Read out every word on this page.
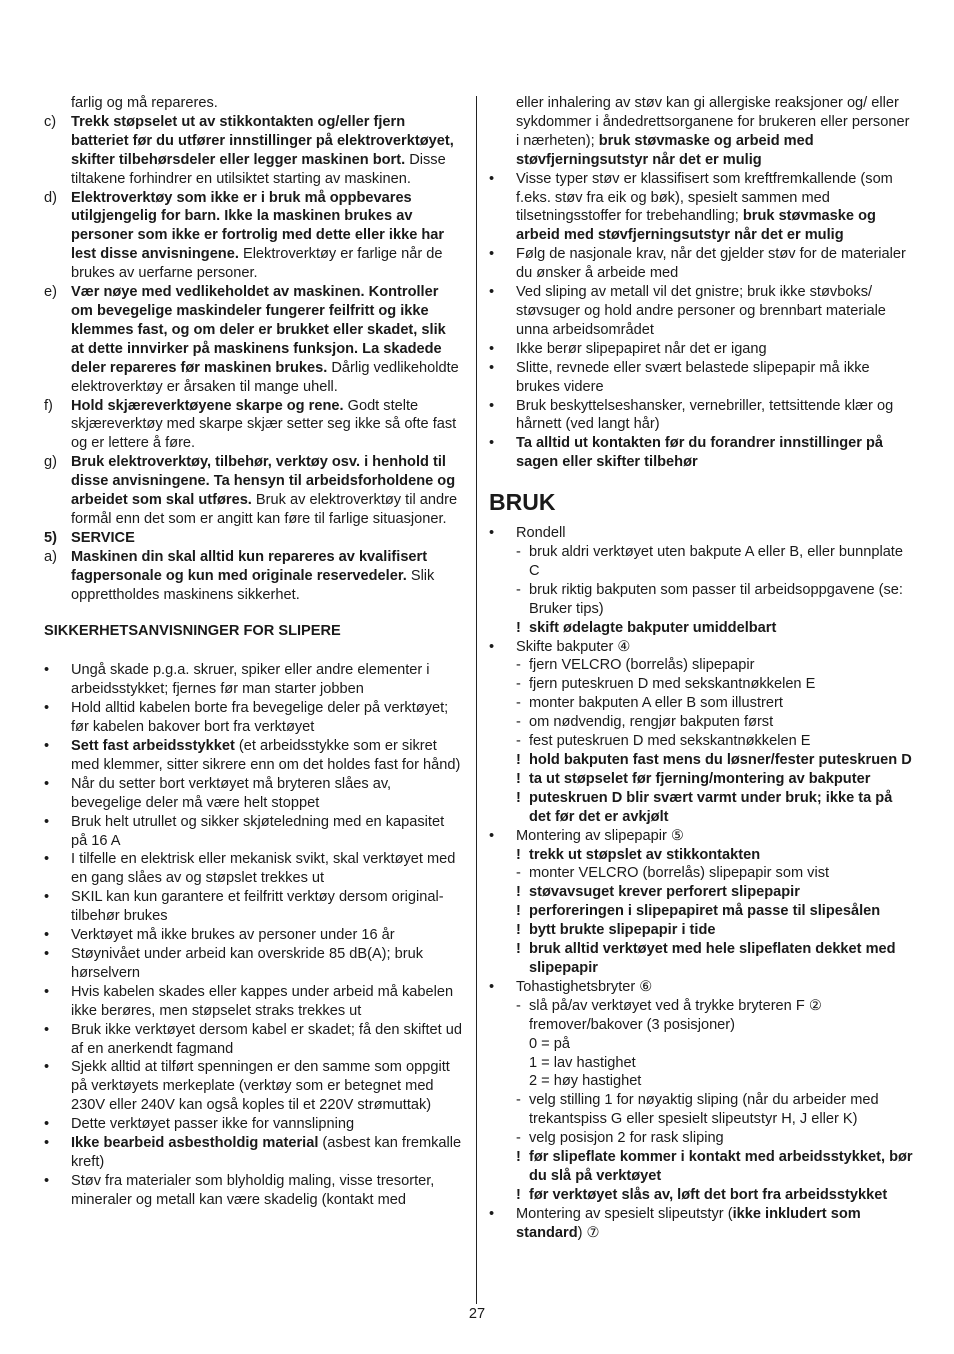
farlig og må repareres.
c) Trekk støpselet ut av stikkontakten og/eller fjern batteriet før du utfører innstillinger på elektroverktøyet, skifter tilbehørsdeler eller legger maskinen bort. Disse tiltakene forhindrer en utilsiktet starting av maskinen.
d) Elektroverktøy som ikke er i bruk må oppbevares utilgjengelig for barn. Ikke la maskinen brukes av personer som ikke er fortrolig med dette eller ikke har lest disse anvisningene. Elektroverktøy er farlige når de brukes av uerfarne personer.
e) Vær nøye med vedlikeholdet av maskinen. Kontroller om bevegelige maskindeler fungerer feilfritt og ikke klemmes fast, og om deler er brukket eller skadet, slik at dette innvirker på maskinens funksjon. La skadede deler repareres før maskinen brukes. Dårlig vedlikeholdte elektroverktøy er årsaken til mange uhell.
f) Hold skjæreverktøyene skarpe og rene. Godt stelte skjæreverktøy med skarpe skjær setter seg ikke så ofte fast og er lettere å føre.
g) Bruk elektroverktøy, tilbehør, verktøy osv. i henhold til disse anvisningene. Ta hensyn til arbeidsforholdene og arbeidet som skal utføres. Bruk av elektroverktøy til andre formål enn det som er angitt kan føre til farlige situasjoner.
5) SERVICE
a) Maskinen din skal alltid kun repareres av kvalifisert fagpersonale og kun med originale reservedeler. Slik opprettholdes maskinens sikkerhet.
SIKKERHETSANVISNINGER FOR SLIPERE
• Ungå skade p.g.a. skruer, spiker eller andre elementer i arbeidsstykket; fjernes før man starter jobben
• Hold alltid kabelen borte fra bevegelige deler på verktøyet; før kabelen bakover bort fra verktøyet
• Sett fast arbeidsstykket (et arbeidsstykke som er sikret med klemmer, sitter sikrere enn om det holdes fast for hånd)
• Når du setter bort verktøyet må bryteren slåes av, bevegelige deler må være helt stoppet
• Bruk helt utrullet og sikker skjøteledning med en kapasitet på 16 A
• I tilfelle en elektrisk eller mekanisk svikt, skal verktøyet med en gang slåes av og støpslet trekkes ut
• SKIL kan kun garantere et feilfritt verktøy dersom original-tilbehør brukes
• Verktøyet må ikke brukes av personer under 16 år
• Støynivået under arbeid kan overskride 85 dB(A); bruk hørselvern
• Hvis kabelen skades eller kappes under arbeid må kabelen ikke berøres, men støpselet straks trekkes ut
• Bruk ikke verktøyet dersom kabel er skadet; få den skiftet ud af en anerkendt fagmand
• Sjekk alltid at tilført spenningen er den samme som oppgitt på verktøyets merkeplate (verktøy som er betegnet med 230V eller 240V kan også koples til et 220V strømuttak)
• Dette verktøyet passer ikke for vannslipning
• Ikke bearbeid asbestholdig material (asbest kan fremkalle kreft)
• Støv fra materialer som blyholdig maling, visse tresorter, mineraler og metall kan være skadelig (kontakt med
eller inhalering av støv kan gi allergiske reaksjoner og/ eller sykdommer i åndedrettsorganene for brukeren eller personer i nærheten); bruk støvmaske og arbeid med støvfjerningsutstyr når det er mulig
• Visse typer støv er klassifisert som kreftfremkallende (som f.eks. støv fra eik og bøk), spesielt sammen med tilsetningsstoffer for trebehandling; bruk støvmaske og arbeid med støvfjerningsutstyr når det er mulig
• Følg de nasjonale krav, når det gjelder støv for de materialer du ønsker å arbeide med
• Ved sliping av metall vil det gnistre; bruk ikke støvboks/ støvsuger og hold andre personer og brennbart materiale unna arbeidsområdet
• Ikke berør slipepapiret når det er igang
• Slitte, revnede eller svært belastede slipepapir må ikke brukes videre
• Bruk beskyttelseshansker, vernebriller, tettsittende klær og hårnett (ved langt hår)
• Ta alltid ut kontakten før du forandrer innstillinger på sagen eller skifter tilbehør
BRUK
• Rondell
- bruk aldri verktøyet uten bakpute A eller B, eller bunnplate C
- bruk riktig bakputen som passer til arbeidsoppgavene (se: Bruker tips)
! skift ødelagte bakputer umiddelbart
• Skifte bakputer ④
- fjern VELCRO (borrelås) slipepapir
- fjern puteskruen D med sekskantnøkkelen E
- monter bakputen A eller B som illustrert
- om nødvendig, rengjør bakputen først
- fest puteskruen D med sekskantnøkkelen E
! hold bakputen fast mens du løsner/fester puteskruen D
! ta ut støpselet før fjerning/montering av bakputer
! puteskruen D blir svært varmt under bruk; ikke ta på det før det er avkjølt
• Montering av slipepapir ⑤
! trekk ut støpslet av stikkontakten
- monter VELCRO (borrelås) slipepapir som vist
! støvavsuget krever perforert slipepapir
! perforeringen i slipepapiret må passe til slipesålen
! bytt brukte slipepapir i tide
! bruk alltid verktøyet med hele slipeflaten dekket med slipepapir
• Tohastighetsbryter ⑥
- slå på/av verktøyet ved å trykke bryteren F ② fremover/bakover (3 posisjoner)
0 = på
1 = lav hastighet
2 = høy hastighet
- velg stilling 1 for nøyaktig sliping (når du arbeider med trekantspiss G eller spesielt slipeutstyr H, J eller K)
- velg posisjon 2 for rask sliping
! før slipeflate kommer i kontakt med arbeidsstykket, bør du slå på verktøyet
! før verktøyet slås av, løft det bort fra arbeidsstykket
• Montering av spesielt slipeutstyr (ikke inkludert som standard) ⑦
27
